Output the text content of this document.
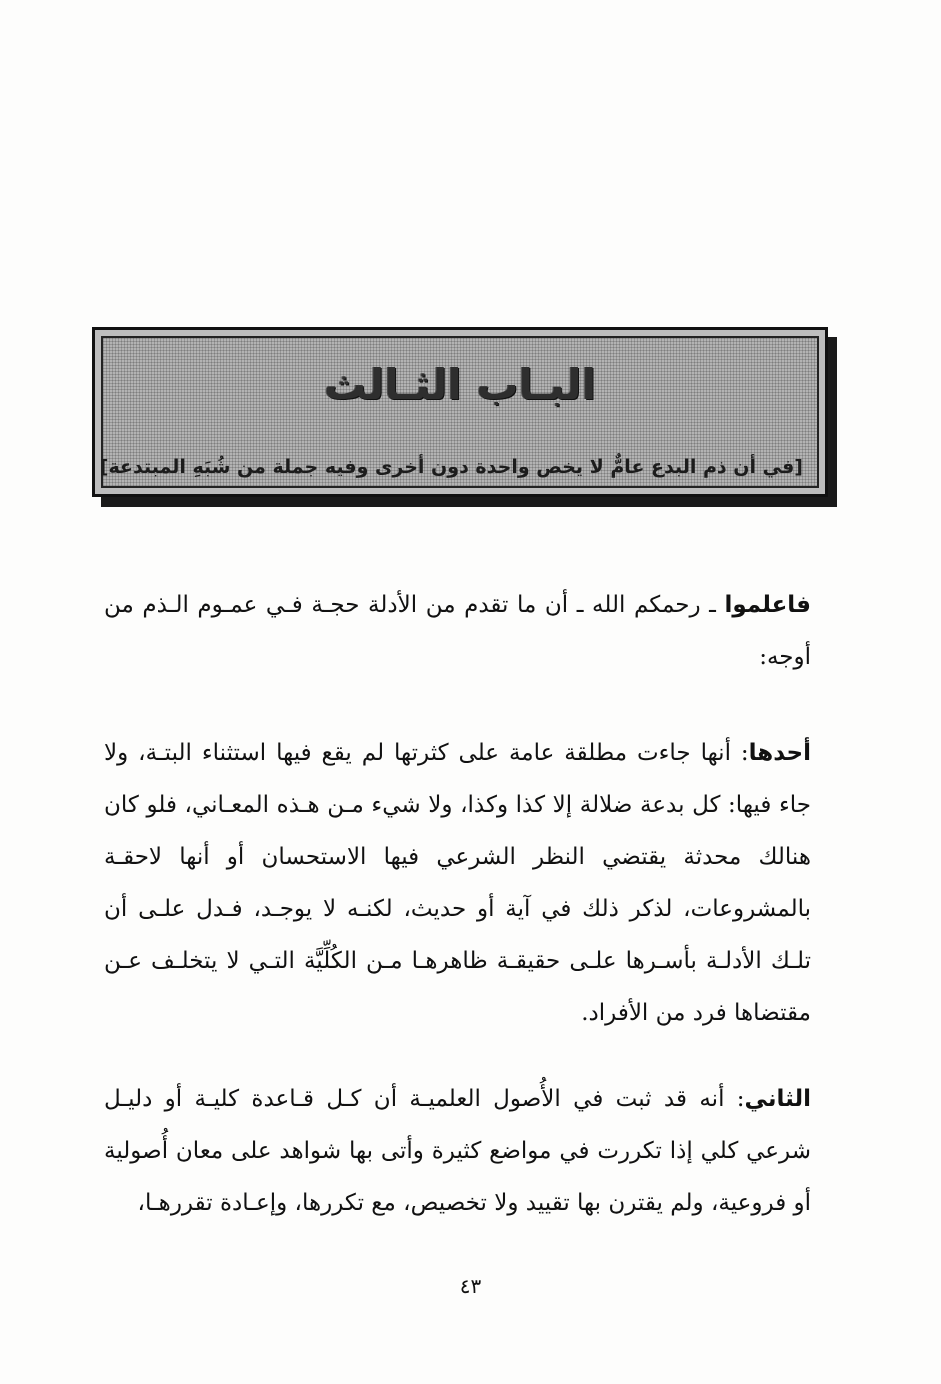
البـاب الثـالث
[في أن ذم البدع عامٌّ لا يخص واحدة دون أخرى وفيه جملة من شُبَهِ المبتدعة]

فاعلموا ـ رحمكم الله ـ أن ما تقدم من الأدلة حجـة فـي عمـوم الـذم من أوجه:

أحدها: أنها جاءت مطلقة عامة على كثرتها لم يقع فيها استثناء البتـة، ولا جاء فيها: كل بدعة ضلالة إلا كذا وكذا، ولا شيء مـن هـذه المعـاني، فلو كان هنالك محدثة يقتضي النظر الشرعي فيها الاستحسان أو أنها لاحقـة بالمشروعات، لذكر ذلك في آية أو حديث، لكنـه لا يوجـد، فـدل علـى أن تلـك الأدلـة بأسـرها علـى حقيقـة ظاهرهـا مـن الكُلِّيَّة التـي لا يتخلـف عـن مقتضاها فرد من الأفراد.

الثاني: أنه قد ثبت في الأُصول العلميـة أن كـل قـاعدة كليـة أو دليـل شرعي كلي إذا تكررت في مواضع كثيرة وأتى بها شواهد على معان أُصولية أو فروعية، ولم يقترن بها تقييد ولا تخصيص، مع تكررها، وإعـادة تقررهـا،

٤٣
